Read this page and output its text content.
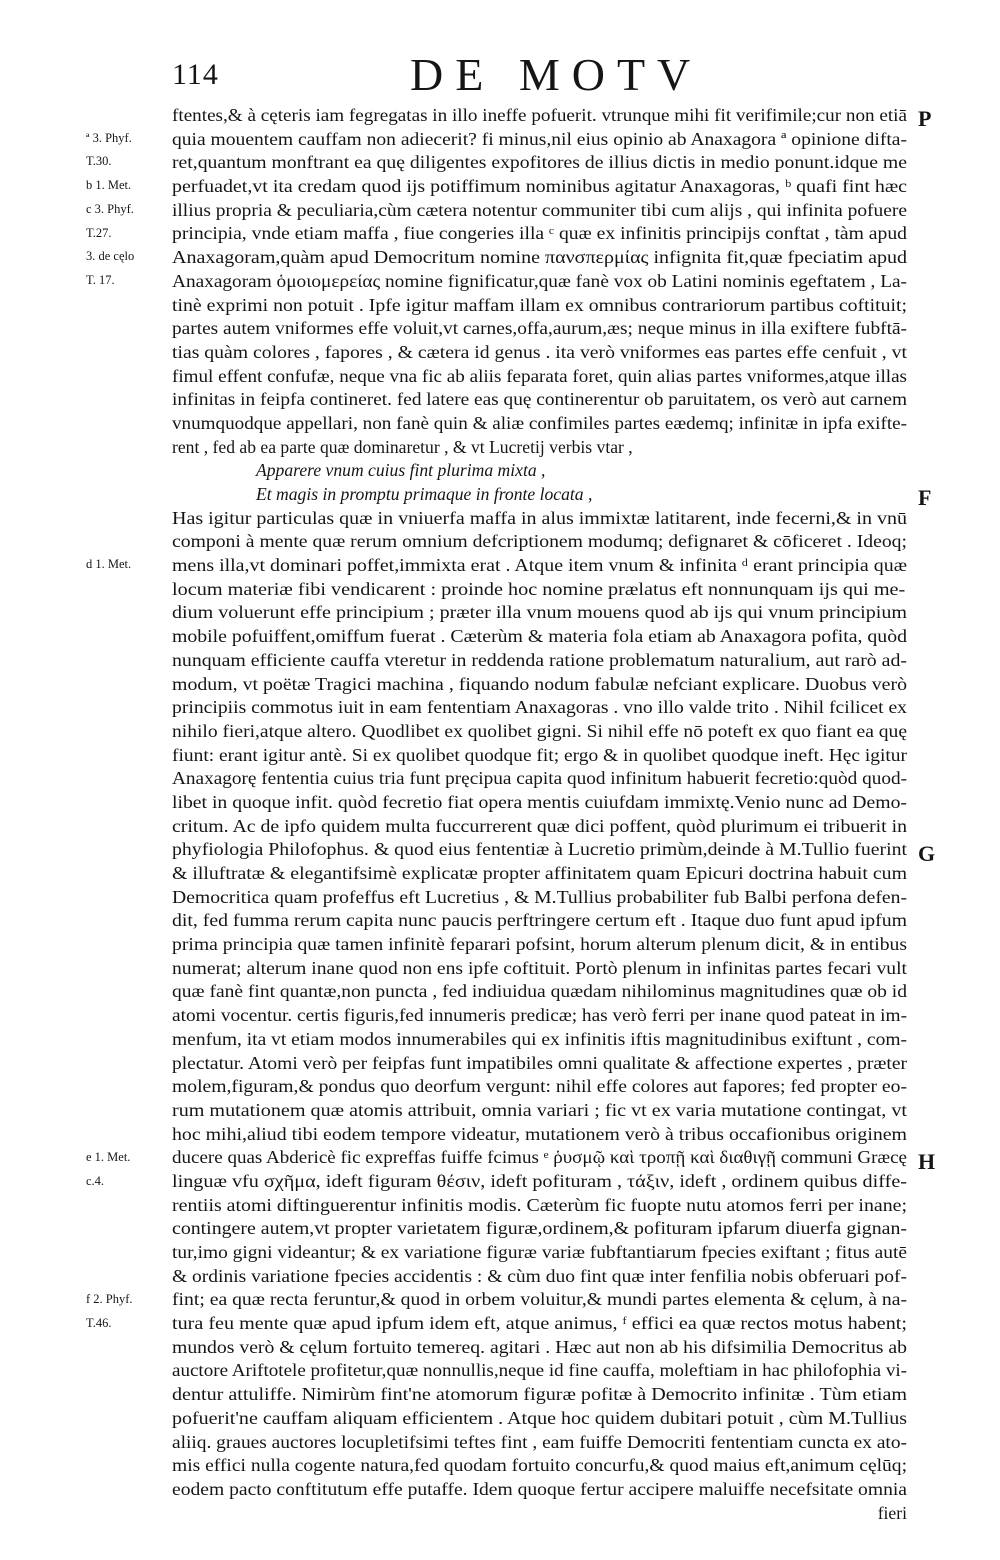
114	DE MOTV
ª 3. Phyf.
T.30.
b 1. Met.
c 3. Phyf.
T.27.
3. de cęlo
T. 17.
d 1. Met.
e 1. Met.
c.4.
f 2. Phyf.
T.46.
P
F
G
H
ftentes,& à cęteris iam fegregatas in illo ineffe pofuerit. vtrunque mihi fit verifimile;cur non etiā
quia mouentem cauffam non adiecerit? fi minus,nil eius opinio ab Anaxagora ª opinione difta-
ret,quantum monftrant ea quę diligentes expofitores de illius dictis in medio ponunt.idque me
perfuadet,vt ita credam quod ijs potiffimum nominibus agitatur Anaxagoras, ᵇ quafi fint hæc
illius propria & peculiaria,cùm cætera notentur communiter tibi cum alijs , qui infinita pofuere
principia, vnde etiam maffa , fiue congeries illa ᶜ quæ ex infinitis principijs conftat , tàm apud
Anaxagoram,quàm apud Democritum nomine πανσπερμίας infignita fit,quæ fpeciatim apud
Anaxagoram ὁμοιομερείας nomine fignificatur,quæ fanè vox ob Latini nominis egeftatem , La-
tinè exprimi non potuit . Ipfe igitur maffam illam ex omnibus contrariorum partibus coftituit;
partes autem vniformes effe voluit,vt carnes,offa,aurum,æs; neque minus in illa exiftere fubftā-
tias quàm colores , fapores , & cætera id genus . ita verò vniformes eas partes effe cenfuit , vt
fimul effent confufæ, neque vna fic ab aliis feparata foret, quin alias partes vniformes,atque illas
infinitas in feipfa contineret. fed latere eas quę continerentur ob paruitatem, os verò aut carnem
vnumquodque appellari, non fanè quin & aliæ confimiles partes eædemq; infinitæ in ipfa exifte-
rent , fed ab ea parte quæ dominaretur , & vt Lucretij verbis vtar ,
Apparere vnum cuius fint plurima mixta ,
Et magis in promptu primaque in fronte locata ,
Has igitur particulas quæ in vniuerfa maffa in alus immixtæ latitarent, inde fecerni,& in vnū
componi à mente quæ rerum omnium defcriptionem modumq; defignaret & cōficeret . Ideoq;
mens illa,vt dominari poffet,immixta erat . Atque item vnum & infinita ᵈ erant principia quæ
locum materiæ fibi vendicarent : proinde hoc nomine prælatus eft nonnunquam ijs qui me-
dium voluerunt effe principium ; præter illa vnum mouens quod ab ijs qui vnum principium
mobile pofuiffent,omiffum fuerat . Cæterùm & materia fola etiam ab Anaxagora pofita, quòd
nunquam efficiente cauffa vteretur in reddenda ratione problematum naturalium, aut rarò ad-
modum, vt poëtæ Tragici machina , fiquando nodum fabulæ nefciant explicare. Duobus verò
principiis commotus iuit in eam fententiam Anaxagoras . vno illo valde trito . Nihil fcilicet ex
nihilo fieri,atque altero. Quodlibet ex quolibet gigni. Si nihil effe nō poteft ex quo fiant ea quę
fiunt: erant igitur antè. Si ex quolibet quodque fit; ergo & in quolibet quodque ineft. Hęc igitur
Anaxagorę fententia cuius tria funt pręcipua capita quod infinitum habuerit fecretio:quòd quod-
libet in quoque infit. quòd fecretio fiat opera mentis cuiufdam immixtę.Venio nunc ad Demo-
critum. Ac de ipfo quidem multa fuccurrerent quæ dici poffent, quòd plurimum ei tribuerit in
phyfiologia Philofophus. & quod eius fententiæ à Lucretio primùm,deinde à M.Tullio fuerint
& illuftratæ & elegantifsimè explicatæ propter affinitatem quam Epicuri doctrina habuit cum
Democritica quam profeffus eft Lucretius , & M.Tullius probabiliter fub Balbi perfona defen-
dit, fed fumma rerum capita nunc paucis perftringere certum eft . Itaque duo funt apud ipfum
prima principia quæ tamen infinitè feparari pofsint, horum alterum plenum dicit, & in entibus
numerat; alterum inane quod non ens ipfe coftituit. Portò plenum in infinitas partes fecari vult
quæ fanè fint quantæ,non puncta , fed indiuidua quædam nihilominus magnitudines quæ ob id
atomi vocentur. certis figuris,fed innumeris predicæ; has verò ferri per inane quod pateat in im-
menfum, ita vt etiam modos innumerabiles qui ex infinitis iftis magnitudinibus exiftunt , com-
plectatur. Atomi verò per feipfas funt impatibiles omni qualitate & affectione expertes , præter
molem,figuram,& pondus quo deorfum vergunt: nihil effe colores aut fapores; fed propter eo-
rum mutationem quæ atomis attribuit, omnia variari ; fic vt ex varia mutatione contingat, vt
hoc mihi,aliud tibi eodem tempore videatur, mutationem verò à tribus occafionibus originem
ducere quas Abdericè fic expreffas fuiffe fcimus ᵉ ῥυσμῷ καὶ τροπῇ καὶ διαθιγῇ communi Græcę
linguæ vfu σχῆμα, ideft figuram θέσιν, ideft pofituram , τάξιν, ideft , ordinem quibus diffe-
rentiis atomi diftinguerentur infinitis modis. Cæterùm fic fuopte nutu atomos ferri per inane;
contingere autem,vt propter varietatem figuræ,ordinem,& pofituram ipfarum diuerfa gignan-
tur,imo gigni videantur; & ex variatione figuræ variæ fubftantiarum fpecies exiftant ; fitus autē
& ordinis variatione fpecies accidentis : & cùm duo fint quæ inter fenfilia nobis obferuari pof-
fint; ea quæ recta feruntur,& quod in orbem voluitur,& mundi partes elementa & cęlum, à na-
tura feu mente quæ apud ipfum idem eft, atque animus, ᶠ effici ea quæ rectos motus habent;
mundos verò & cęlum fortuito temereq. agitari . Hæc aut non ab his difsimilia Democritus ab
auctore Ariftotele profitetur,quæ nonnullis,neque id fine cauffa, moleftiam in hac philofophia vi-
dentur attuliffe. Nimirùm fint'ne atomorum figuræ pofitæ à Democrito infinitæ . Tùm etiam
pofuerit'ne cauffam aliquam efficientem . Atque hoc quidem dubitari potuit , cùm M.Tullius
aliiq. graues auctores locupletifsimi teftes fint , eam fuiffe Democriti fententiam cuncta ex ato-
mis effici nulla cogente natura,fed quodam fortuito concurfu,& quod maius eft,animum cęlūq;
eodem pacto conftitutum effe putaffe. Idem quoque fertur accipere maluiffe necefsitate omnia
fieri
